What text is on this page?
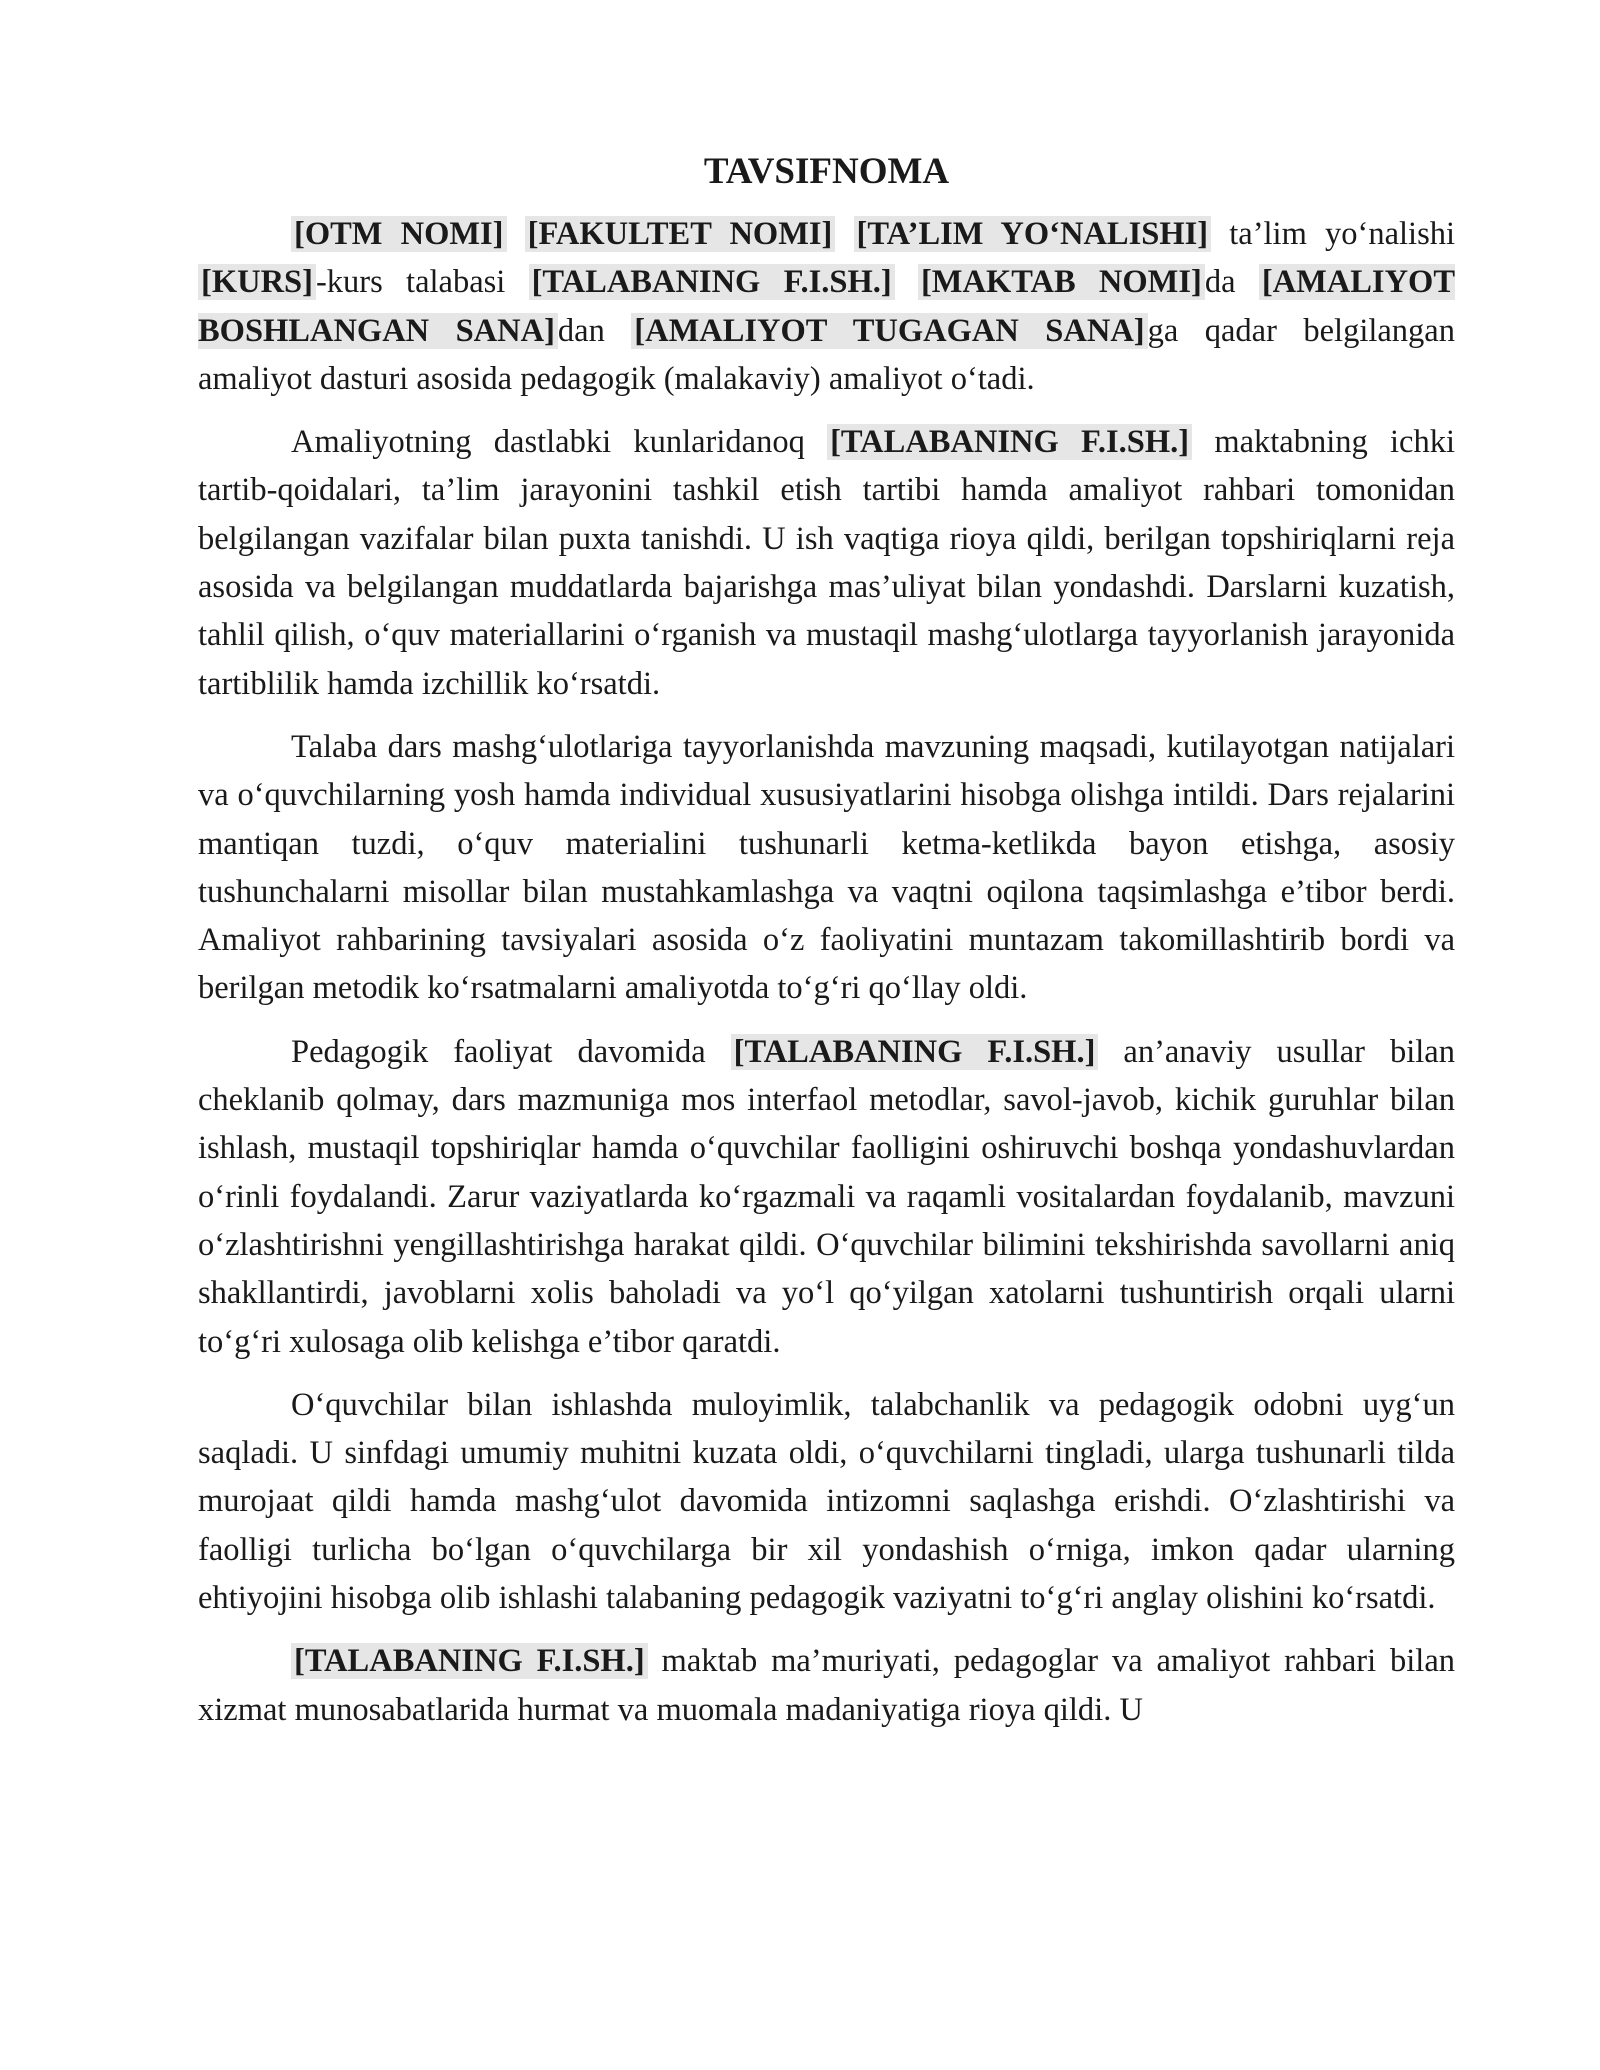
TAVSIFNOMA

[OTM NOMI] [FAKULTET NOMI] [TA’LIM YO‘NALISHI] ta’lim yo‘nalishi [KURS]-kurs talabasi [TALABANING F.I.SH.] [MAKTAB NOMI]da [AMALIYOT BOSHLANGAN SANA]dan [AMALIYOT TUGAGAN SANA]ga qadar belgilangan amaliyot dasturi asosida pedagogik (malakaviy) amaliyot o‘tadi.

Amaliyotning dastlabki kunlaridanoq [TALABANING F.I.SH.] maktabning ichki tartib-qoidalari, ta’lim jarayonini tashkil etish tartibi hamda amaliyot rahbari tomonidan belgilangan vazifalar bilan puxta tanishdi. U ish vaqtiga rioya qildi, berilgan topshiriqlarni reja asosida va belgilangan muddatlarda bajarishga mas’uliyat bilan yondashdi. Darslarni kuzatish, tahlil qilish, o‘quv materiallarini o‘rganish va mustaqil mashg‘ulotlarga tayyorlanish jarayonida tartiblilik hamda izchillik ko‘rsatdi.

Talaba dars mashg‘ulotlariga tayyorlanishda mavzuning maqsadi, kutilayotgan natijalari va o‘quvchilarning yosh hamda individual xususiyatlarini hisobga olishga intildi. Dars rejalarini mantiqan tuzdi, o‘quv materialini tushunarli ketma-ketlikda bayon etishga, asosiy tushunchalarni misollar bilan mustahkamlashga va vaqtni oqilona taqsimlashga e’tibor berdi. Amaliyot rahbarining tavsiyalari asosida o‘z faoliyatini muntazam takomillashtirib bordi va berilgan metodik ko‘rsatmalarni amaliyotda to‘g‘ri qo‘llay oldi.

Pedagogik faoliyat davomida [TALABANING F.I.SH.] an’anaviy usullar bilan cheklanib qolmay, dars mazmuniga mos interfaol metodlar, savol-javob, kichik guruhlar bilan ishlash, mustaqil topshiriqlar hamda o‘quvchilar faolligini oshiruvchi boshqa yondashuvlardan o‘rinli foydalandi. Zarur vaziyatlarda ko‘rgazmali va raqamli vositalardan foydalanib, mavzuni o‘zlashtirishni yengillashtirishga harakat qildi. O‘quvchilar bilimini tekshirishda savollarni aniq shakllantirdi, javoblarni xolis baholadi va yo‘l qo‘yilgan xatolarni tushuntirish orqali ularni to‘g‘ri xulosaga olib kelishga e’tibor qaratdi.

O‘quvchilar bilan ishlashda muloyimlik, talabchanlik va pedagogik odobni uyg‘un saqladi. U sinfdagi umumiy muhitni kuzata oldi, o‘quvchilarni tingladi, ularga tushunarli tilda murojaat qildi hamda mashg‘ulot davomida intizomni saqlashga erishdi. O‘zlashtirishi va faolligi turlicha bo‘lgan o‘quvchilarga bir xil yondashish o‘rniga, imkon qadar ularning ehtiyojini hisobga olib ishlashi talabaning pedagogik vaziyatni to‘g‘ri anglay olishini ko‘rsatdi.

[TALABANING F.I.SH.] maktab ma’muriyati, pedagoglar va amaliyot rahbari bilan xizmat munosabatlarida hurmat va muomala madaniyatiga rioya qildi. U
